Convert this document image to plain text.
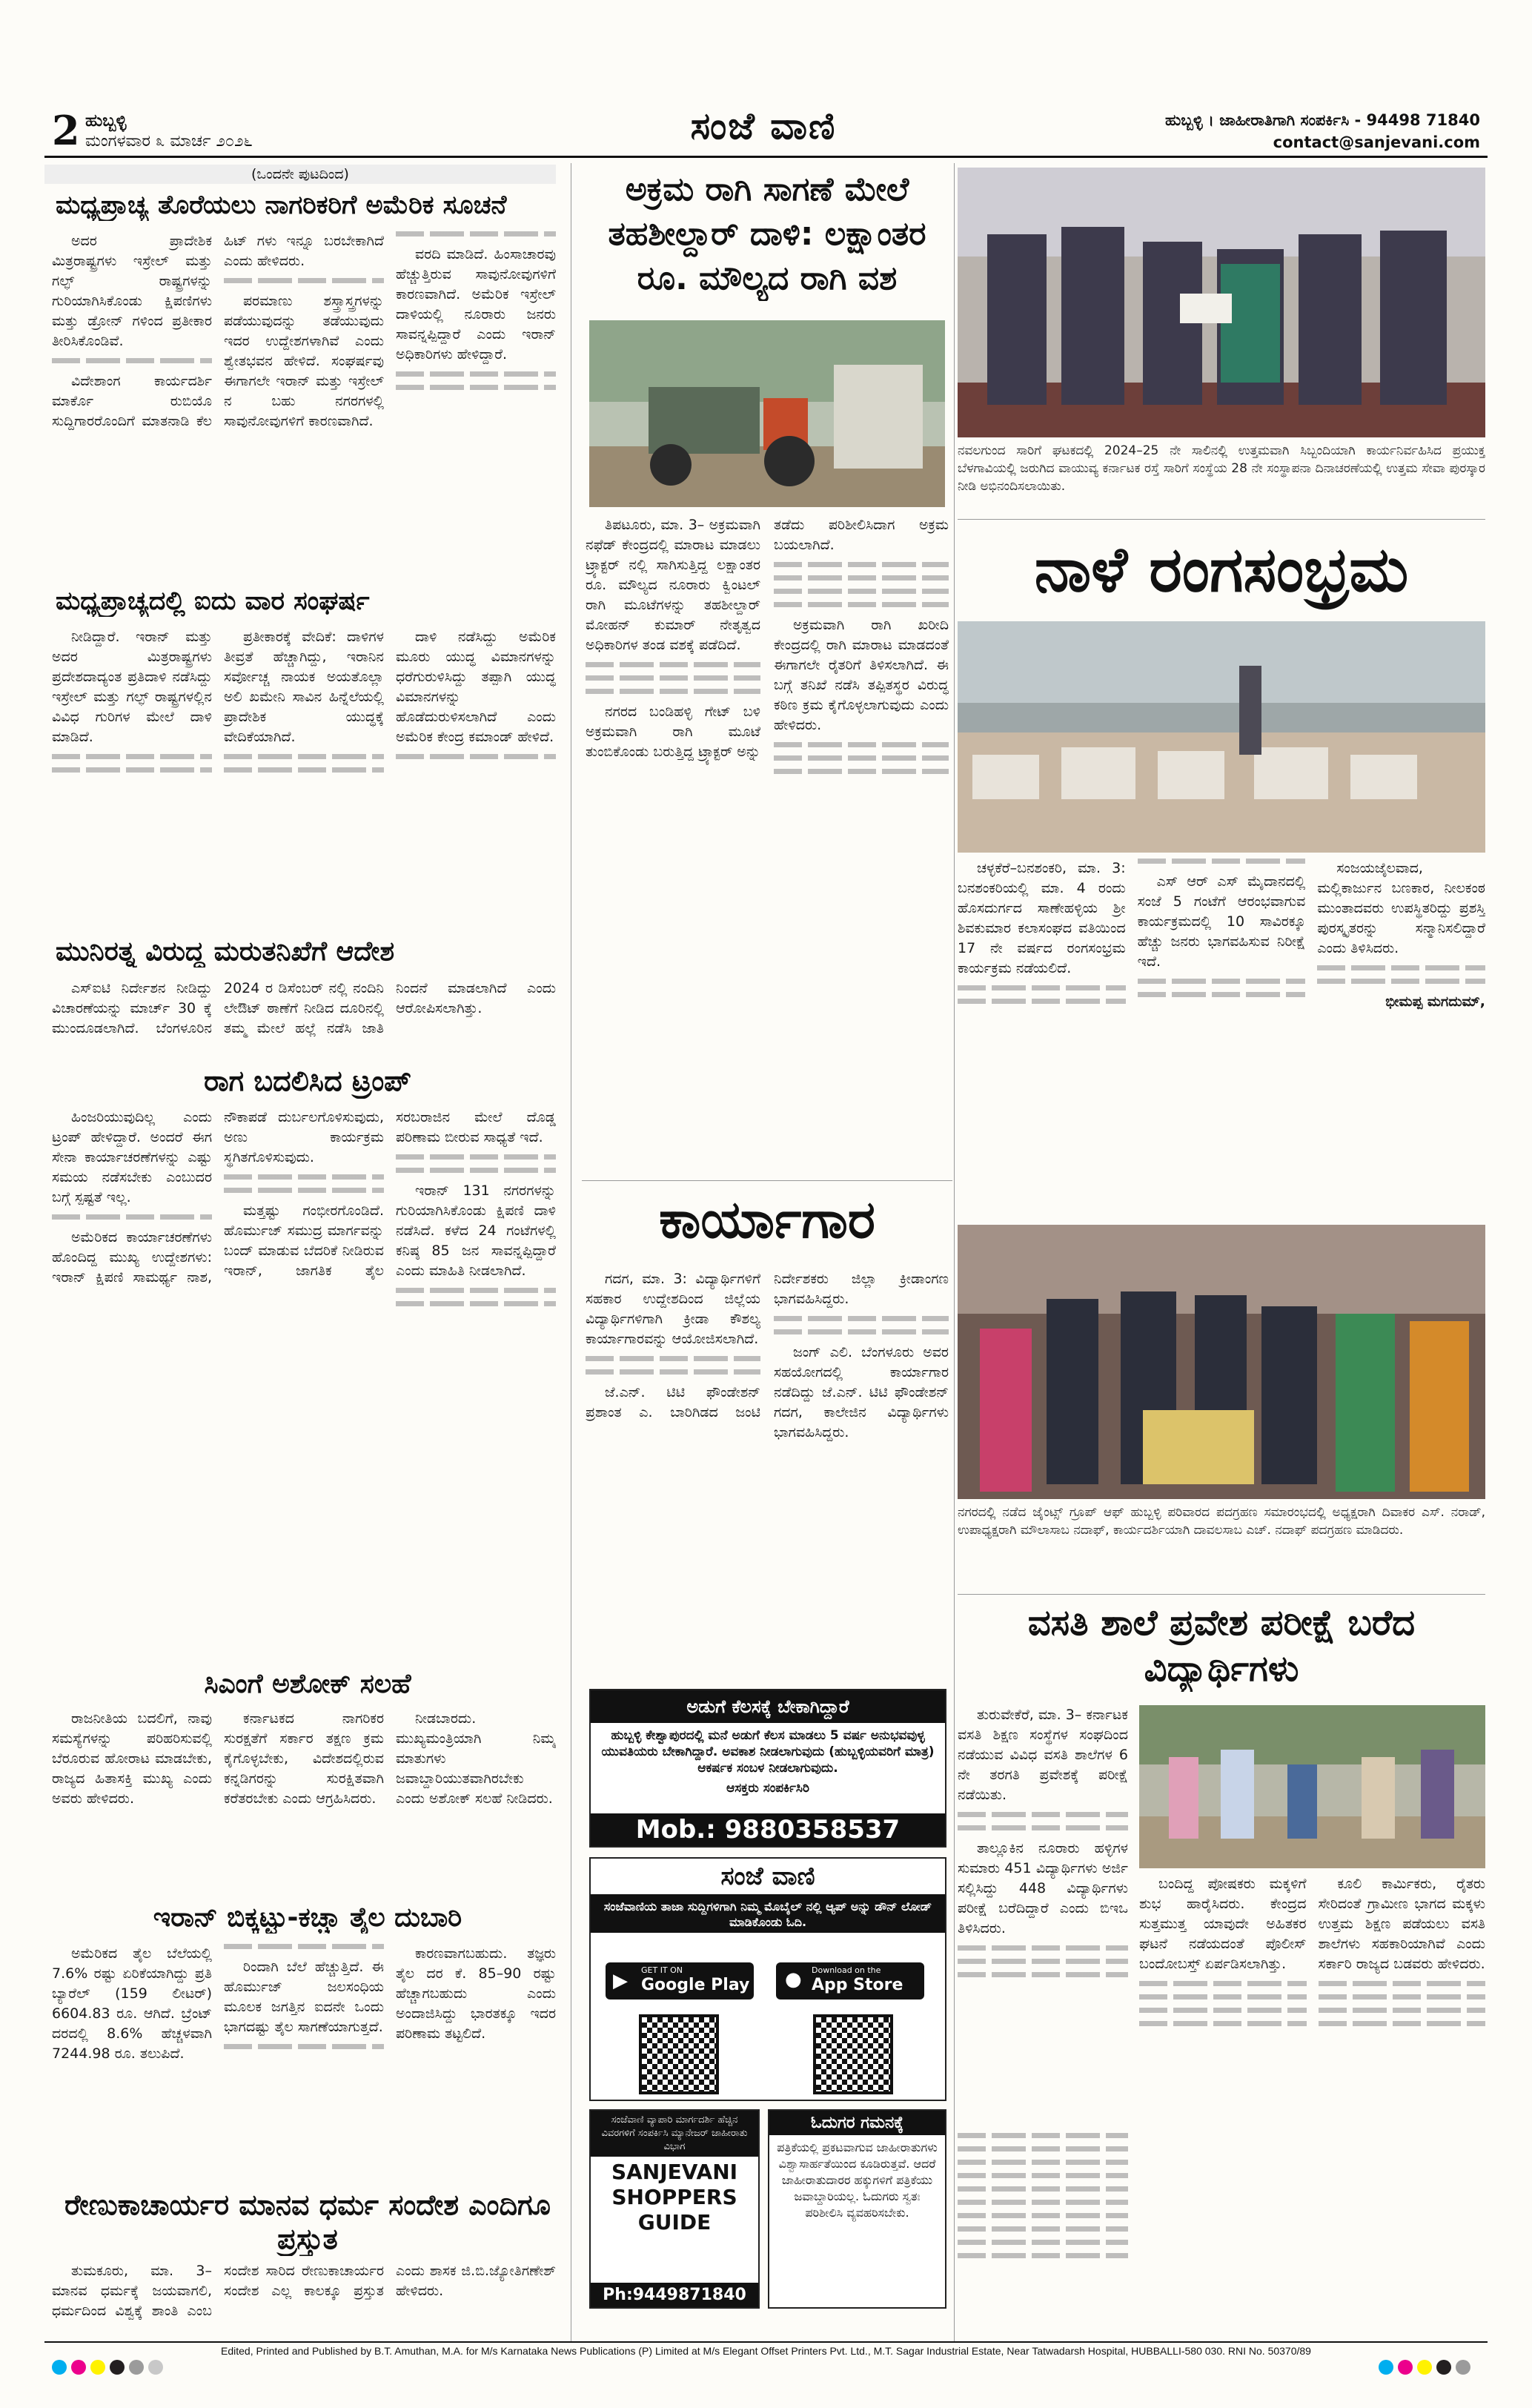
2 ಹುಬ್ಬಳ್ಳಿ
ಮಂಗಳವಾರ ೩ ಮಾರ್ಚ ೨೦೨೬	ಸಂಜೆ ವಾಣಿ	ಹುಬ್ಬಳ್ಳಿ । ಜಾಹೀರಾತಿಗಾಗಿ ಸಂಪರ್ಕಿಸಿ - 94498 71840
contact@sanjevani.com
(ಒಂದನೇ ಪುಟದಿಂದ)
ಮಧ್ಯಪ್ರಾಚ್ಯ ತೊರೆಯಲು ನಾಗರಿಕರಿಗೆ ಅಮೆರಿಕ ಸೂಚನೆ

ಅದರ ಪ್ರಾದೇಶಿಕ ಮಿತ್ರರಾಷ್ಟ್ರಗಳು ಇಸ್ರೇಲ್ ಮತ್ತು ಗಲ್ಫ್ ರಾಷ್ಟ್ರಗಳನ್ನು ಗುರಿಯಾಗಿಸಿಕೊಂಡು ಕ್ಷಿಪಣಿಗಳು ಮತ್ತು ಡ್ರೋನ್ ಗಳಿಂದ ಪ್ರತೀಕಾರ ತೀರಿಸಿಕೊಂಡಿವೆ.

ವಿದೇಶಾಂಗ ಕಾರ್ಯದರ್ಶಿ ಮಾರ್ಕೊ ರುಬಿಯೊ ಸುದ್ದಿಗಾರರೊಂದಿಗೆ ಮಾತನಾಡಿ ಕೆಲ ಹಿಟ್ ಗಳು ಇನ್ನೂ ಬರಬೇಕಾಗಿದೆ ಎಂದು ಹೇಳಿದರು.

ಪರಮಾಣು ಶಸ್ತ್ರಾಸ್ತ್ರಗಳನ್ನು ಪಡೆಯುವುದನ್ನು ತಡೆಯುವುದು ಇದರ ಉದ್ದೇಶಗಳಾಗಿವೆ ಎಂದು ಶ್ವೇತಭವನ ಹೇಳಿದೆ. ಸಂಘರ್ಷವು ಈಗಾಗಲೇ ಇರಾನ್ ಮತ್ತು ಇಸ್ರೇಲ್ ನ ಬಹು ನಗರಗಳಲ್ಲಿ ಸಾವುನೋವುಗಳಿಗೆ ಕಾರಣವಾಗಿದೆ.

ವರದಿ ಮಾಡಿದೆ. ಹಿಂಸಾಚಾರವು ಹೆಚ್ಚುತ್ತಿರುವ ಸಾವುನೋವುಗಳಿಗೆ ಕಾರಣವಾಗಿದೆ. ಅಮೆರಿಕ ಇಸ್ರೇಲ್ ದಾಳಿಯಲ್ಲಿ ನೂರಾರು ಜನರು ಸಾವನ್ನಪ್ಪಿದ್ದಾರೆ ಎಂದು ಇರಾನ್ ಅಧಿಕಾರಿಗಳು ಹೇಳಿದ್ದಾರೆ.

ಮಧ್ಯಪ್ರಾಚ್ಯದಲ್ಲಿ ಐದು ವಾರ ಸಂಘರ್ಷ

ನೀಡಿದ್ದಾರೆ. ಇರಾನ್ ಮತ್ತು ಅದರ ಮಿತ್ರರಾಷ್ಟ್ರಗಳು ಪ್ರದೇಶದಾದ್ಯಂತ ಪ್ರತಿದಾಳಿ ನಡೆಸಿದ್ದು ಇಸ್ರೇಲ್ ಮತ್ತು ಗಲ್ಫ್ ರಾಷ್ಟ್ರಗಳಲ್ಲಿನ ವಿವಿಧ ಗುರಿಗಳ ಮೇಲೆ ದಾಳಿ ಮಾಡಿದೆ.

ಪ್ರತೀಕಾರಕ್ಕೆ ವೇದಿಕೆ: ದಾಳಿಗಳ ತೀವ್ರತೆ ಹೆಚ್ಚಾಗಿದ್ದು, ಇರಾನಿನ ಸರ್ವೋಚ್ಚ ನಾಯಕ ಅಯತೊಲ್ಲಾ ಅಲಿ ಖಮೇನಿ ಸಾವಿನ ಹಿನ್ನೆಲೆಯಲ್ಲಿ ಪ್ರಾದೇಶಿಕ ಯುದ್ಧಕ್ಕೆ ವೇದಿಕೆಯಾಗಿದೆ.

ದಾಳಿ ನಡೆಸಿದ್ದು ಅಮೆರಿಕ ಮೂರು ಯುದ್ಧ ವಿಮಾನಗಳನ್ನು ಧರೆಗುರುಳಿಸಿದ್ದು ತಪ್ಪಾಗಿ ಯುದ್ಧ ವಿಮಾನಗಳನ್ನು ಹೊಡೆದುರುಳಿಸಲಾಗಿದೆ ಎಂದು ಅಮೆರಿಕ ಕೇಂದ್ರ ಕಮಾಂಡ್ ಹೇಳಿದೆ.

ಮುನಿರತ್ನ ವಿರುದ್ಧ ಮರುತನಿಖೆಗೆ ಆದೇಶ

ಎಸ್ಐಟಿ ನಿರ್ದೇಶನ ನೀಡಿದ್ದು ವಿಚಾರಣೆಯನ್ನು ಮಾರ್ಚ್ 30 ಕ್ಕೆ ಮುಂದೂಡಲಾಗಿದೆ. ಬೆಂಗಳೂರಿನ 2024 ರ ಡಿಸೆಂಬರ್ ನಲ್ಲಿ ನಂದಿನಿ ಲೇಔಟ್ ಠಾಣೆಗೆ ನೀಡಿದ ದೂರಿನಲ್ಲಿ ತಮ್ಮ ಮೇಲೆ ಹಲ್ಲೆ ನಡೆಸಿ ಜಾತಿ ನಿಂದನೆ ಮಾಡಲಾಗಿದೆ ಎಂದು ಆರೋಪಿಸಲಾಗಿತ್ತು.

ರಾಗ ಬದಲಿಸಿದ ಟ್ರಂಪ್

ಹಿಂಜರಿಯುವುದಿಲ್ಲ ಎಂದು ಟ್ರಂಪ್ ಹೇಳಿದ್ದಾರೆ. ಅಂದರೆ ಈಗ ಸೇನಾ ಕಾರ್ಯಾಚರಣೆಗಳನ್ನು ಎಷ್ಟು ಸಮಯ ನಡೆಸಬೇಕು ಎಂಬುದರ ಬಗ್ಗೆ ಸ್ಪಷ್ಟತೆ ಇಲ್ಲ.

ಅಮೆರಿಕದ ಕಾರ್ಯಾಚರಣೆಗಳು ಹೊಂದಿದ್ದ ಮುಖ್ಯ ಉದ್ದೇಶಗಳು: ಇರಾನ್ ಕ್ಷಿಪಣಿ ಸಾಮರ್ಥ್ಯ ನಾಶ, ನೌಕಾಪಡೆ ದುರ್ಬಲಗೊಳಿಸುವುದು, ಅಣು ಕಾರ್ಯಕ್ರಮ ಸ್ಥಗಿತಗೊಳಿಸುವುದು.

ಮತ್ತಷ್ಟು ಗಂಭೀರಗೊಂಡಿದೆ. ಹೊರ್ಮುಜ್ ಸಮುದ್ರ ಮಾರ್ಗವನ್ನು ಬಂದ್ ಮಾಡುವ ಬೆದರಿಕೆ ನೀಡಿರುವ ಇರಾನ್, ಜಾಗತಿಕ ತೈಲ ಸರಬರಾಜಿನ ಮೇಲೆ ದೊಡ್ಡ ಪರಿಣಾಮ ಬೀರುವ ಸಾಧ್ಯತೆ ಇದೆ.

ಇರಾನ್ 131 ನಗರಗಳನ್ನು ಗುರಿಯಾಗಿಸಿಕೊಂಡು ಕ್ಷಿಪಣಿ ದಾಳಿ ನಡೆಸಿದೆ. ಕಳೆದ 24 ಗಂಟೆಗಳಲ್ಲಿ ಕನಿಷ್ಠ 85 ಜನ ಸಾವನ್ನಪ್ಪಿದ್ದಾರೆ ಎಂದು ಮಾಹಿತಿ ನೀಡಲಾಗಿದೆ.

ಸಿಎಂಗೆ ಅಶೋಕ್ ಸಲಹೆ

ರಾಜನೀತಿಯ ಬದಲಿಗೆ, ನಾವು ಸಮಸ್ಯೆಗಳನ್ನು ಪರಿಹರಿಸುವಲ್ಲಿ ಬೆರೂರುವ ಹೋರಾಟ ಮಾಡಬೇಕು, ರಾಜ್ಯದ ಹಿತಾಸಕ್ತಿ ಮುಖ್ಯ ಎಂದು ಅವರು ಹೇಳಿದರು.

ಕರ್ನಾಟಕದ ನಾಗರಿಕರ ಸುರಕ್ಷತೆಗೆ ಸರ್ಕಾರ ತಕ್ಷಣ ಕ್ರಮ ಕೈಗೊಳ್ಳಬೇಕು, ವಿದೇಶದಲ್ಲಿರುವ ಕನ್ನಡಿಗರನ್ನು ಸುರಕ್ಷಿತವಾಗಿ ಕರೆತರಬೇಕು ಎಂದು ಆಗ್ರಹಿಸಿದರು.

ನೀಡಬಾರದು. ಮುಖ್ಯಮಂತ್ರಿಯಾಗಿ ನಿಮ್ಮ ಮಾತುಗಳು ಜವಾಬ್ದಾರಿಯುತವಾಗಿರಬೇಕು ಎಂದು ಅಶೋಕ್ ಸಲಹೆ ನೀಡಿದರು.

ಇರಾನ್ ಬಿಕ್ಕಟ್ಟು-ಕಚ್ಚಾ ತೈಲ ದುಬಾರಿ

ಅಮೆರಿಕದ ತೈಲ ಬೆಲೆಯಲ್ಲಿ 7.6% ರಷ್ಟು ಏರಿಕೆಯಾಗಿದ್ದು ಪ್ರತಿ ಬ್ಯಾರೆಲ್ (159 ಲೀಟರ್) 6604.83 ರೂ. ಆಗಿದೆ. ಬ್ರೆಂಟ್ ದರದಲ್ಲಿ 8.6% ಹೆಚ್ಚಳವಾಗಿ 7244.98 ರೂ. ತಲುಪಿದೆ.

ರಿಂದಾಗಿ ಬೆಲೆ ಹೆಚ್ಚುತ್ತಿದೆ. ಈ ಹೊರ್ಮುಜ್ ಜಲಸಂಧಿಯ ಮೂಲಕ ಜಗತ್ತಿನ ಐದನೇ ಒಂದು ಭಾಗದಷ್ಟು ತೈಲ ಸಾಗಣೆಯಾಗುತ್ತದೆ.

ಕಾರಣವಾಗಬಹುದು. ತಜ್ಞರು ತೈಲ ದರ ಕೆ. 85–90 ರಷ್ಟು ಹೆಚ್ಚಾಗಬಹುದು ಎಂದು ಅಂದಾಜಿಸಿದ್ದು ಭಾರತಕ್ಕೂ ಇದರ ಪರಿಣಾಮ ತಟ್ಟಲಿದೆ.

ರೇಣುಕಾಚಾರ್ಯರ ಮಾನವ ಧರ್ಮ ಸಂದೇಶ ಎಂದಿಗೂ ಪ್ರಸ್ತುತ

ತುಮಕೂರು, ಮಾ. 3– ಮಾನವ ಧರ್ಮಕ್ಕೆ ಜಯವಾಗಲಿ, ಧರ್ಮದಿಂದ ವಿಶ್ವಕ್ಕೆ ಶಾಂತಿ ಎಂಬ ಸಂದೇಶ ಸಾರಿದ ರೇಣುಕಾಚಾರ್ಯರ ಸಂದೇಶ ಎಲ್ಲ ಕಾಲಕ್ಕೂ ಪ್ರಸ್ತುತ ಎಂದು ಶಾಸಕ ಜಿ.ಬಿ.ಜ್ಯೋತಿಗಣೇಶ್ ಹೇಳಿದರು.

ಅಕ್ರಮ ರಾಗಿ ಸಾಗಣೆ ಮೇಲೆ ತಹಶೀಲ್ದಾರ್ ದಾಳಿ: ಲಕ್ಷಾಂತರ ರೂ. ಮೌಲ್ಯದ ರಾಗಿ ವಶ

ತಿಪಟೂರು, ಮಾ. 3– ಅಕ್ರಮವಾಗಿ ನಫೆಡ್ ಕೇಂದ್ರದಲ್ಲಿ ಮಾರಾಟ ಮಾಡಲು ಟ್ರ್ಯಾಕ್ಟರ್ ನಲ್ಲಿ ಸಾಗಿಸುತ್ತಿದ್ದ ಲಕ್ಷಾಂತರ ರೂ. ಮೌಲ್ಯದ ನೂರಾರು ಕ್ವಿಂಟಲ್ ರಾಗಿ ಮೂಟೆಗಳನ್ನು ತಹಶೀಲ್ದಾರ್ ಮೋಹನ್ ಕುಮಾರ್ ನೇತೃತ್ವದ ಅಧಿಕಾರಿಗಳ ತಂಡ ವಶಕ್ಕೆ ಪಡೆದಿದೆ.

ನಗರದ ಬಂಡಿಹಳ್ಳಿ ಗೇಟ್ ಬಳಿ ಅಕ್ರಮವಾಗಿ ರಾಗಿ ಮೂಟೆ ತುಂಬಿಕೊಂಡು ಬರುತ್ತಿದ್ದ ಟ್ರ್ಯಾಕ್ಟರ್ ಅನ್ನು ತಡೆದು ಪರಿಶೀಲಿಸಿದಾಗ ಅಕ್ರಮ ಬಯಲಾಗಿದೆ.

ಅಕ್ರಮವಾಗಿ ರಾಗಿ ಖರೀದಿ ಕೇಂದ್ರದಲ್ಲಿ ರಾಗಿ ಮಾರಾಟ ಮಾಡದಂತೆ ಈಗಾಗಲೇ ರೈತರಿಗೆ ತಿಳಿಸಲಾಗಿದೆ. ಈ ಬಗ್ಗೆ ತನಿಖೆ ನಡೆಸಿ ತಪ್ಪಿತಸ್ಥರ ವಿರುದ್ಧ ಕಠಿಣ ಕ್ರಮ ಕೈಗೊಳ್ಳಲಾಗುವುದು ಎಂದು ಹೇಳಿದರು.

ಕಾರ್ಯಾಗಾರ

ಗದಗ, ಮಾ. 3: ವಿದ್ಯಾರ್ಥಿಗಳಿಗೆ ಸಹಕಾರ ಉದ್ದೇಶದಿಂದ ಜಿಲ್ಲೆಯ ವಿದ್ಯಾರ್ಥಿಗಳಿಗಾಗಿ ಕ್ರೀಡಾ ಕೌಶಲ್ಯ ಕಾರ್ಯಾಗಾರವನ್ನು ಆಯೋಜಿಸಲಾಗಿದೆ.

ಜೆ.ಎನ್. ಟಿಟಿ ಫೌಂಡೇಶನ್ ಪ್ರಶಾಂತ ಎ. ಬಾರಿಗಿಡದ ಜಂಟಿ ನಿರ್ದೇಶಕರು ಜಿಲ್ಲಾ ಕ್ರೀಡಾಂಗಣ ಭಾಗವಹಿಸಿದ್ದರು.

ಜಂಗ್ ಎಲಿ. ಬೆಂಗಳೂರು ಅವರ ಸಹಯೋಗದಲ್ಲಿ ಕಾರ್ಯಾಗಾರ ನಡೆದಿದ್ದು ಜೆ.ಎನ್. ಟಿಟಿ ಫೌಂಡೇಶನ್ ಗದಗ, ಕಾಲೇಜಿನ ವಿದ್ಯಾರ್ಥಿಗಳು ಭಾಗವಹಿಸಿದ್ದರು.

ಅಡುಗೆ ಕೆಲಸಕ್ಕೆ ಬೇಕಾಗಿದ್ದಾರೆ
ಹುಬ್ಬಳ್ಳಿ ಕೇಶ್ವಾಪುರದಲ್ಲಿ ಮನೆ ಅಡುಗೆ ಕೆಲಸ ಮಾಡಲು 5 ವರ್ಷ ಅನುಭವವುಳ್ಳ ಯುವತಿಯರು ಬೇಕಾಗಿದ್ದಾರೆ. ಅವಕಾಶ ನೀಡಲಾಗುವುದು (ಹುಬ್ಬಳ್ಳಿಯವರಿಗೆ ಮಾತ್ರ) ಆಕರ್ಷಕ ಸಂಬಳ ನೀಡಲಾಗುವುದು.
ಆಸಕ್ತರು ಸಂಪರ್ಕಿಸಿರಿ
Mob.: 9880358537
ಸಂಜೆ ವಾಣಿ
ಸಂಜೆವಾಣಿಯ ತಾಜಾ ಸುದ್ದಿಗಳಿಗಾಗಿ ನಿಮ್ಮ ಮೊಬೈಲ್ ನಲ್ಲಿ ಆ್ಯಪ್ ಅನ್ನು ಡೌನ್ ಲೋಡ್ ಮಾಡಿಕೊಂಡು ಓದಿ.
▶ GET IT ON
Google Play ● Download on the
App Store
ಸಂಜೆವಾಣಿ ವ್ಯಾಪಾರಿ ಮಾರ್ಗದರ್ಶಿ ಹೆಚ್ಚಿನ ವಿವರಗಳಿಗೆ ಸಂಪರ್ಕಿಸಿ ಮ್ಯಾನೇಜರ್ ಜಾಹೀರಾತು ವಿಭಾಗ
SANJEVANI SHOPPERS GUIDE
Ph:9449871840
ಓದುಗರ ಗಮನಕ್ಕೆ
ಪತ್ರಿಕೆಯಲ್ಲಿ ಪ್ರಕಟವಾಗುವ ಜಾಹೀರಾತುಗಳು ವಿಶ್ವಾಸಾರ್ಹತೆಯಿಂದ ಕೂಡಿರುತ್ತವೆ. ಆದರೆ ಜಾಹೀರಾತುದಾರರ ಹಕ್ಕುಗಳಿಗೆ ಪತ್ರಿಕೆಯು ಜವಾಬ್ದಾರಿಯಲ್ಲ. ಓದುಗರು ಸ್ವತಃ ಪರಿಶೀಲಿಸಿ ವ್ಯವಹರಿಸಬೇಕು.
ನವಲಗುಂದ ಸಾರಿಗೆ ಘಟಕದಲ್ಲಿ 2024–25 ನೇ ಸಾಲಿನಲ್ಲಿ ಉತ್ತಮವಾಗಿ ಸಿಬ್ಬಂದಿಯಾಗಿ ಕಾರ್ಯನಿರ್ವಹಿಸಿದ ಪ್ರಯುಕ್ತ ಬೆಳಗಾವಿಯಲ್ಲಿ ಜರುಗಿದ ವಾಯುವ್ಯ ಕರ್ನಾಟಕ ರಸ್ತೆ ಸಾರಿಗೆ ಸಂಸ್ಥೆಯ 28 ನೇ ಸಂಸ್ಥಾಪನಾ ದಿನಾಚರಣೆಯಲ್ಲಿ ಉತ್ತಮ ಸೇವಾ ಪುರಸ್ಕಾರ ನೀಡಿ ಅಭಿನಂದಿಸಲಾಯಿತು.
ನಾಳೆ ರಂಗಸಂಭ್ರಮ

ಚಳ್ಳಕೆರೆ–ಬನಶಂಕರಿ, ಮಾ. 3: ಬನಶಂಕರಿಯಲ್ಲಿ ಮಾ. 4 ರಂದು ಹೊಸದುರ್ಗದ ಸಾಣೇಹಳ್ಳಿಯ ಶ್ರೀ ಶಿವಕುಮಾರ ಕಲಾಸಂಘದ ವತಿಯಿಂದ 17 ನೇ ವರ್ಷದ ರಂಗಸಂಭ್ರಮ ಕಾರ್ಯಕ್ರಮ ನಡೆಯಲಿದೆ.

ಎಸ್ ಆರ್ ಎಸ್ ಮೈದಾನದಲ್ಲಿ ಸಂಜೆ 5 ಗಂಟೆಗೆ ಆರಂಭವಾಗುವ ಕಾರ್ಯಕ್ರಮದಲ್ಲಿ 10 ಸಾವಿರಕ್ಕೂ ಹೆಚ್ಚು ಜನರು ಭಾಗವಹಿಸುವ ನಿರೀಕ್ಷೆ ಇದೆ.

ಸಂಜಯಜೈಲವಾದ, ಮಲ್ಲಿಕಾರ್ಜುನ ಬಣಕಾರ, ನೀಲಕಂಠ ಮುಂತಾದವರು ಉಪಸ್ಥಿತರಿದ್ದು ಪ್ರಶಸ್ತಿ ಪುರಸ್ಕೃತರನ್ನು ಸನ್ಮಾನಿಸಲಿದ್ದಾರೆ ಎಂದು ತಿಳಿಸಿದರು.

ಭೀಮಪ್ಪ ಮಗದುಮ್,

ನಗರದಲ್ಲಿ ನಡೆದ ಜೈಂಟ್ಸ್ ಗ್ರೂಪ್ ಆಫ್ ಹುಬ್ಬಳ್ಳಿ ಪರಿವಾರದ ಪದಗ್ರಹಣ ಸಮಾರಂಭದಲ್ಲಿ ಅಧ್ಯಕ್ಷರಾಗಿ ದಿವಾಕರ ಎಸ್. ನರಾಡ್, ಉಪಾಧ್ಯಕ್ಷರಾಗಿ ಮೌಲಾಸಾಬ ನದಾಫ್, ಕಾರ್ಯದರ್ಶಿಯಾಗಿ ದಾವಲಸಾಬ ಎಚ್. ನದಾಫ್ ಪದಗ್ರಹಣ ಮಾಡಿದರು.
ವಸತಿ ಶಾಲೆ ಪ್ರವೇಶ ಪರೀಕ್ಷೆ ಬರೆದ ವಿದ್ಯಾರ್ಥಿಗಳು

ತುರುವೇಕೆರೆ, ಮಾ. 3– ಕರ್ನಾಟಕ ವಸತಿ ಶಿಕ್ಷಣ ಸಂಸ್ಥೆಗಳ ಸಂಘದಿಂದ ನಡೆಯುವ ವಿವಿಧ ವಸತಿ ಶಾಲೆಗಳ 6 ನೇ ತರಗತಿ ಪ್ರವೇಶಕ್ಕೆ ಪರೀಕ್ಷೆ ನಡೆಯಿತು.

ತಾಲ್ಲೂಕಿನ ನೂರಾರು ಹಳ್ಳಿಗಳ ಸುಮಾರು 451 ವಿದ್ಯಾರ್ಥಿಗಳು ಅರ್ಜಿ ಸಲ್ಲಿಸಿದ್ದು 448 ವಿದ್ಯಾರ್ಥಿಗಳು ಪರೀಕ್ಷೆ ಬರೆದಿದ್ದಾರೆ ಎಂದು ಬಿಇಒ ತಿಳಿಸಿದರು.

ಬಂದಿದ್ದ ಪೋಷಕರು ಮಕ್ಕಳಿಗೆ ಶುಭ ಹಾರೈಸಿದರು. ಕೇಂದ್ರದ ಸುತ್ತಮುತ್ತ ಯಾವುದೇ ಅಹಿತಕರ ಘಟನೆ ನಡೆಯದಂತೆ ಪೊಲೀಸ್ ಬಂದೋಬಸ್ತ್ ಏರ್ಪಡಿಸಲಾಗಿತ್ತು.

ಕೂಲಿ ಕಾರ್ಮಿಕರು, ರೈತರು ಸೇರಿದಂತೆ ಗ್ರಾಮೀಣ ಭಾಗದ ಮಕ್ಕಳು ಉತ್ತಮ ಶಿಕ್ಷಣ ಪಡೆಯಲು ವಸತಿ ಶಾಲೆಗಳು ಸಹಕಾರಿಯಾಗಿವೆ ಎಂದು ಸರ್ಕಾರಿ ರಾಜ್ಯದ ಬಡವರು ಹೇಳಿದರು.

Edited, Printed and Published by B.T. Amuthan, M.A. for M/s Karnataka News Publications (P) Limited at M/s Elegant Offset Printers Pvt. Ltd., M.T. Sagar Industrial Estate, Near Tatwadarsh Hospital, HUBBALLI-580 030. RNI No. 50370/89
